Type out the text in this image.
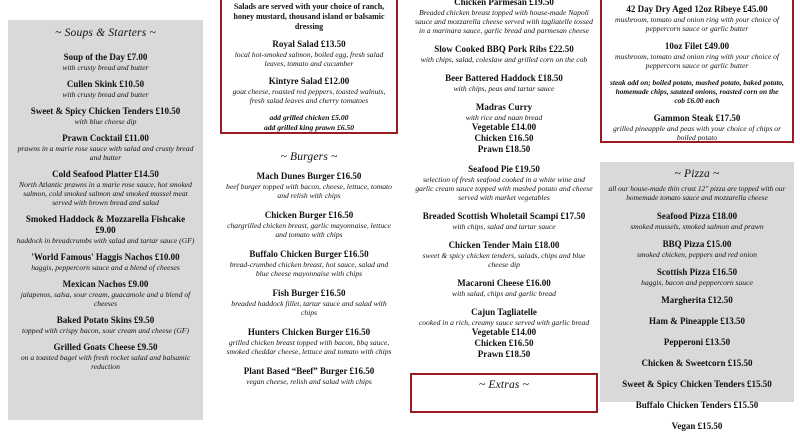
~ Soups & Starters ~
Soup of the Day £7.00
with crusty bread and butter
Cullen Skink £10.50
with crusty bread and butter
Sweet & Spicy Chicken Tenders £10.50
with blue cheese dip
Prawn Cocktail £11.00
prawns in a marie rose sauce with salad and crusty bread and butter
Cold Seafood Platter £14.50
North Atlantic prawns in a marie rose sauce, hot smoked salmon, cold smoked salmon and smoked mussel meat served with brown bread and salad
Smoked Haddock & Mozzarella Fishcake £9.00
haddock in breadcrumbs with salad and tartar sauce (GF)
'World Famous' Haggis Nachos £10.00
haggis, peppercorn sauce and a blend of cheeses
Mexican Nachos £9.00
jalapenos, salsa, sour cream, guacamole and a blend of cheeses
Baked Potato Skins £9.50
topped with crispy bacon, sour cream and cheese (GF)
Grilled Goats Cheese £9.50
on a toasted bagel with fresh rocket salad and balsamic reduction
Salads are served with your choice of ranch, honey mustard, thousand island or balsamic dressing
Royal Salad £13.50
local hot-smoked salmon, boiled egg, fresh salad leaves, tomato and cucumber
Kintyre Salad £12.00
goat cheese, roasted red peppers, toasted walnuts, fresh salad leaves and cherry tomatoes
add grilled chicken £5.00
add grilled king prawn £6.50
~ Burgers ~
Mach Dunes Burger £16.50
beef burger topped with bacon, cheese, lettuce, tomato and relish with chips
Chicken Burger £16.50
chargrilled chicken breast, garlic mayonnaise, lettuce and tomato with chips
Buffalo Chicken Burger £16.50
bread-crumbed chicken breast, hot sauce, salad and blue cheese mayonnaise with chips
Fish Burger £16.50
breaded haddock fillet, tartar sauce and salad with chips
Hunters Chicken Burger £16.50
grilled chicken breast topped with bacon, bbq sauce, smoked cheddar cheese, lettuce and tomato with chips
Plant Based “Beef” Burger £16.50
vegan cheese, relish and salad with chips
Chicken Parmesan £19.50
Breaded chicken breast topped with house-made Napoli sauce and mozzarella cheese served with tagliatelle tossed in a marinara sauce, garlic bread and parmesan cheese
Slow Cooked BBQ Pork Ribs £22.50
with chips, salad, coleslaw and grilled corn on the cob
Beer Battered Haddock £18.50
with chips, peas and tartar sauce
Madras Curry
with rice and naan bread
Vegetable £14.00
Chicken £16.50
Prawn £18.50
Seafood Pie £19.50
selection of fresh seafood cooked in a white wine and garlic cream sauce topped with mashed potato and cheese served with market vegetables
Breaded Scottish Wholetail Scampi £17.50
with chips, salad and tartar sauce
Chicken Tender Main £18.00
sweet & spicy chicken tenders, salads, chips and blue cheese dip
Macaroni Cheese £16.00
with salad, chips and garlic bread
Cajun Tagliatelle
cooked in a rich, creamy sauce served with garlic bread
Vegetable £14.00
Chicken £16.50
Prawn £18.50
~ Extras ~
42 Day Dry Aged 12oz Ribeye £45.00
mushroom, tomato and onion ring with your choice of peppercorn sauce or garlic butter
10oz Filet £49.00
mushroom, tomato and onion ring with your choice of peppercorn sauce or garlic butter
steak add on; boiled potato, mashed potato, baked potato, homemade chips, sauteed onions, roasted corn on the cob £6.00 each
Gammon Steak £17.50
grilled pineapple and peas with your choice of chips or boiled potato
~ Pizza ~
all our house-made thin crust 12" pizza are topped with our homemade tomato sauce and mozzarella cheese
Seafood Pizza £18.00
smoked mussels, smoked salmon and prawn
BBQ Pizza £15.00
smoked chicken, peppers and red onion
Scottish Pizza £16.50
haggis, bacon and peppercorn sauce
Margherita £12.50
Ham & Pineapple £13.50
Pepperoni £13.50
Chicken & Sweetcorn £15.50
Sweet & Spicy Chicken Tenders £15.50
Buffalo Chicken Tenders £15.50
Vegan £15.50
